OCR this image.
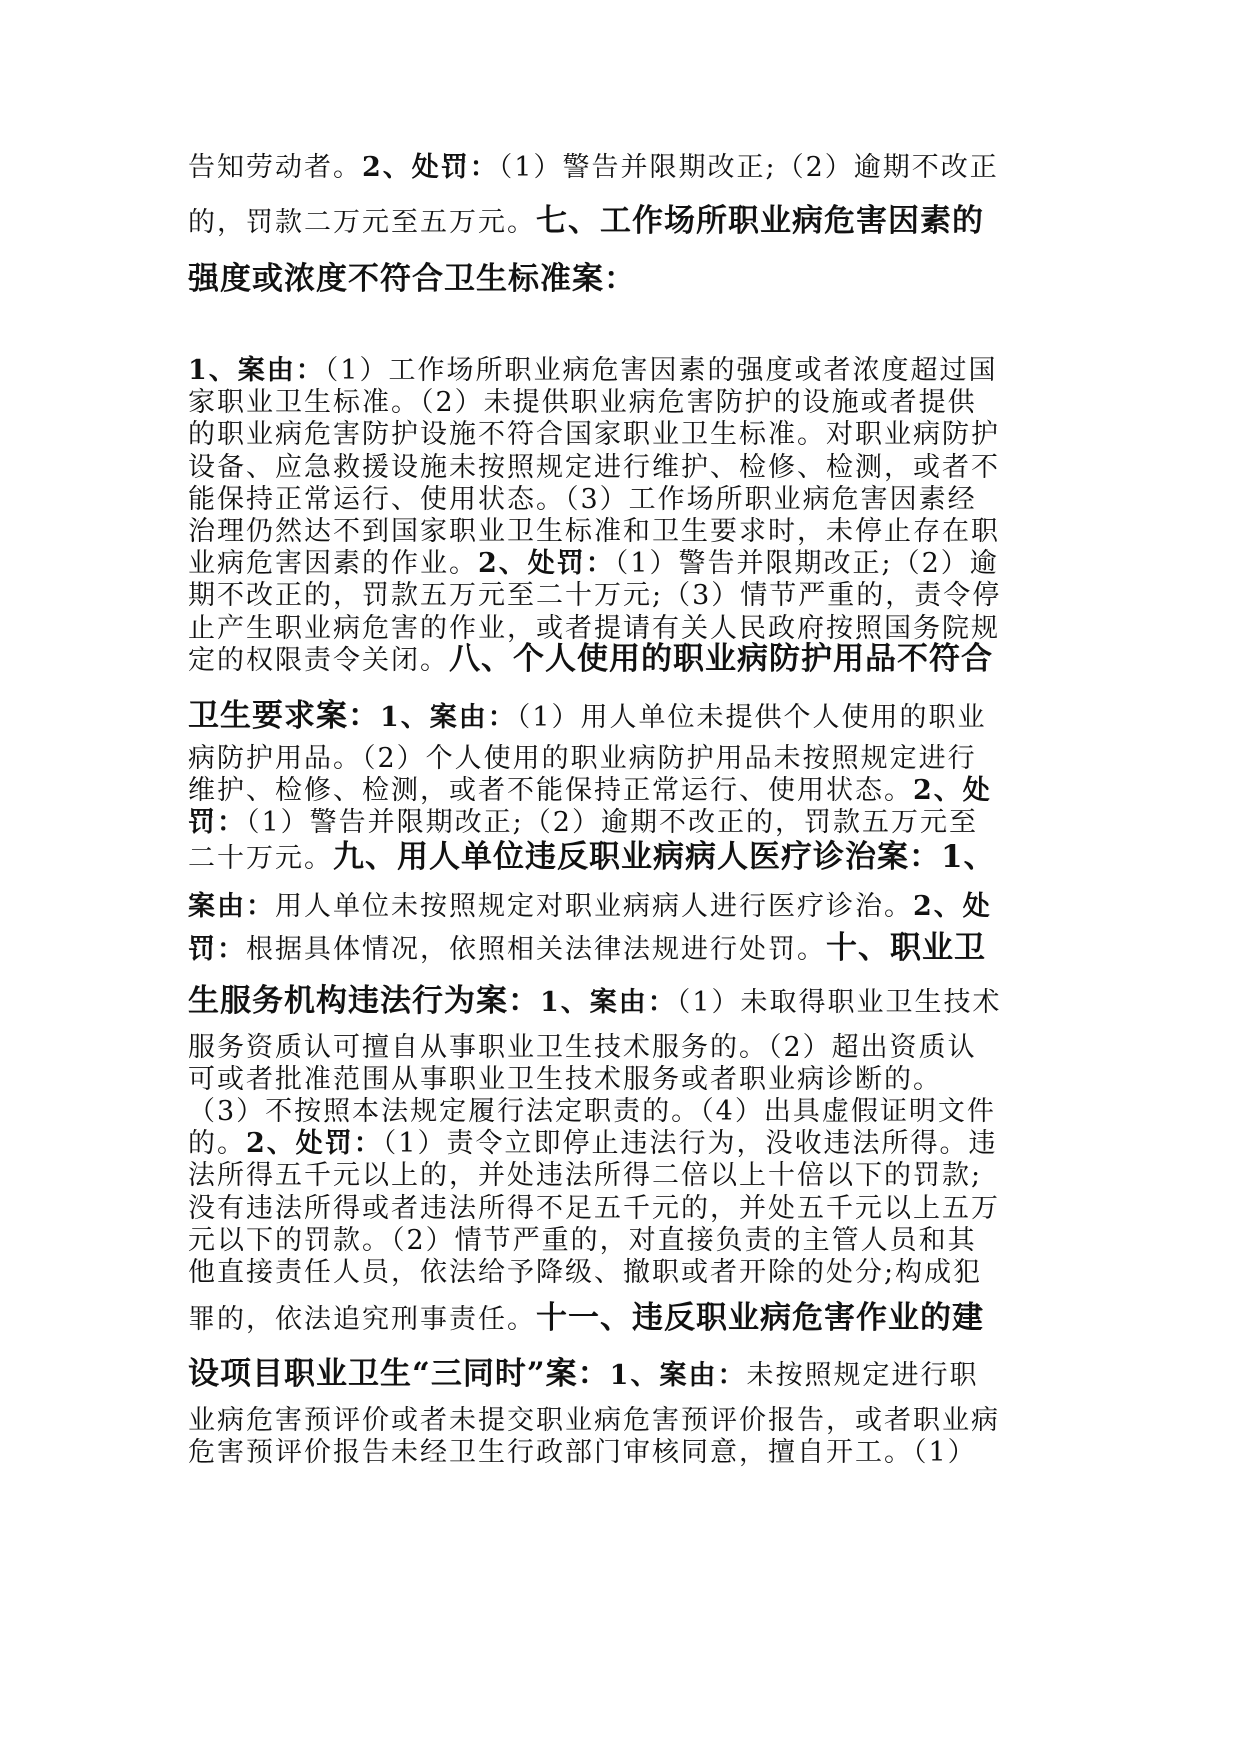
告知劳动者。2、处罚：（1）警告并限期改正;（2）逾期不改正
的，罚款二万元至五万元。七、工作场所职业病危害因素的
强度或浓度不符合卫生标准案：
1、案由：（1）工作场所职业病危害因素的强度或者浓度超过国
家职业卫生标准。（2）未提供职业病危害防护的设施或者提供
的职业病危害防护设施不符合国家职业卫生标准。对职业病防护
设备、应急救援设施未按照规定进行维护、检修、检测，或者不
能保持正常运行、使用状态。（3）工作场所职业病危害因素经
治理仍然达不到国家职业卫生标准和卫生要求时，未停止存在职
业病危害因素的作业。2、处罚：（1）警告并限期改正;（2）逾
期不改正的，罚款五万元至二十万元;（3）情节严重的，责令停
止产生职业病危害的作业，或者提请有关人民政府按照国务院规
定的权限责令关闭。八、个人使用的职业病防护用品不符合
卫生要求案：1、案由：（1）用人单位未提供个人使用的职业
病防护用品。（2）个人使用的职业病防护用品未按照规定进行
维护、检修、检测，或者不能保持正常运行、使用状态。2、处
罚：（1）警告并限期改正;（2）逾期不改正的，罚款五万元至
二十万元。九、用人单位违反职业病病人医疗诊治案：1、
案由：用人单位未按照规定对职业病病人进行医疗诊治。2、处
罚：根据具体情况，依照相关法律法规进行处罚。十、职业卫
生服务机构违法行为案：1、案由：（1）未取得职业卫生技术
服务资质认可擅自从事职业卫生技术服务的。（2）超出资质认
可或者批准范围从事职业卫生技术服务或者职业病诊断的。
（3）不按照本法规定履行法定职责的。（4）出具虚假证明文件
的。2、处罚：（1）责令立即停止违法行为，没收违法所得。违
法所得五千元以上的，并处违法所得二倍以上十倍以下的罚款;
没有违法所得或者违法所得不足五千元的，并处五千元以上五万
元以下的罚款。（2）情节严重的，对直接负责的主管人员和其
他直接责任人员，依法给予降级、撤职或者开除的处分;构成犯
罪的，依法追究刑事责任。十一、违反职业病危害作业的建
设项目职业卫生“三同时”案：1、案由：未按照规定进行职
业病危害预评价或者未提交职业病危害预评价报告，或者职业病
危害预评价报告未经卫生行政部门审核同意，擅自开工。（1）
